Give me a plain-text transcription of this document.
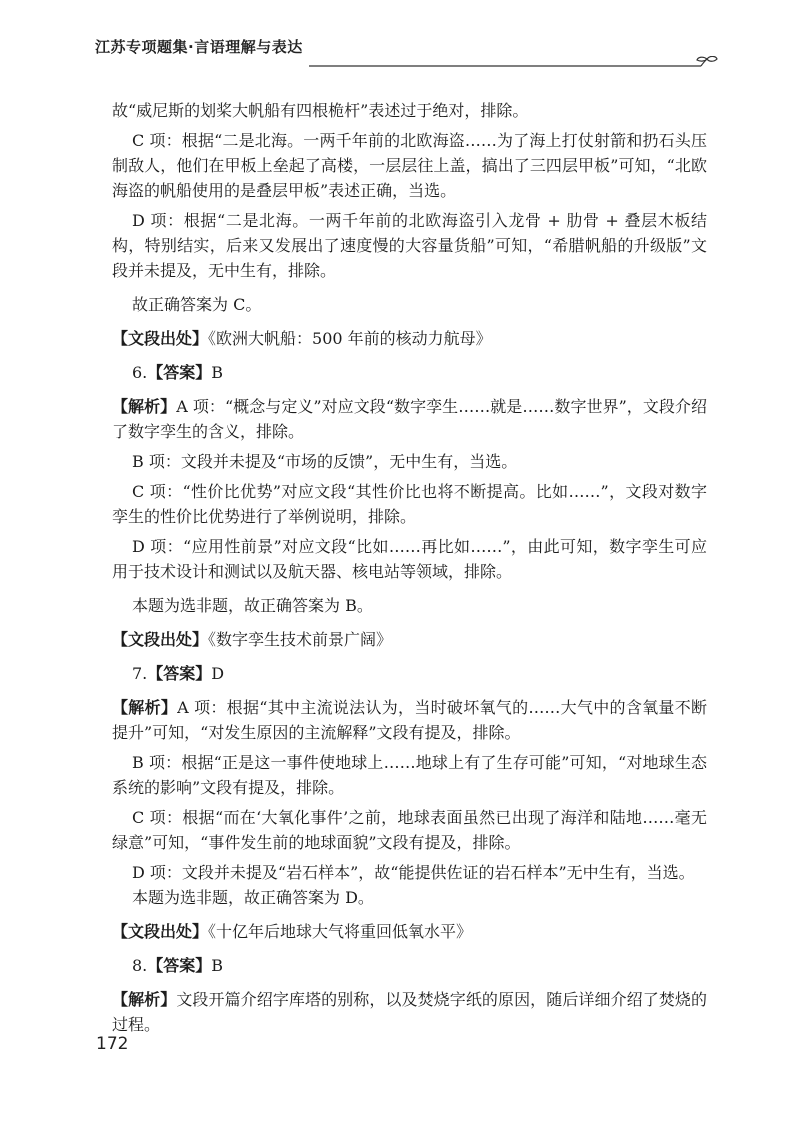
江苏专项题集·言语理解与表达

故“威尼斯的划桨大帆船有四根桅杆”表述过于绝对，排除。

C 项：根据“二是北海。一两千年前的北欧海盗……为了海上打仗射箭和扔石头压制敌人，他们在甲板上垒起了高楼，一层层往上盖，搞出了三四层甲板”可知，“北欧海盗的帆船使用的是叠层甲板”表述正确，当选。

D 项：根据“二是北海。一两千年前的北欧海盗引入龙骨 + 肋骨 + 叠层木板结构，特别结实，后来又发展出了速度慢的大容量货船”可知，“希腊帆船的升级版”文段并未提及，无中生有，排除。

故正确答案为 C。

【文段出处】《欧洲大帆船：500 年前的核动力航母》

6.【答案】B

【解析】A 项：“概念与定义”对应文段“数字孪生……就是……数字世界”，文段介绍了数字孪生的含义，排除。

B 项：文段并未提及“市场的反馈”，无中生有，当选。

C 项：“性价比优势”对应文段“其性价比也将不断提高。比如……”，文段对数字孪生的性价比优势进行了举例说明，排除。

D 项：“应用性前景”对应文段“比如……再比如……”，由此可知，数字孪生可应用于技术设计和测试以及航天器、核电站等领域，排除。

本题为选非题，故正确答案为 B。

【文段出处】《数字孪生技术前景广阔》

7.【答案】D

【解析】A 项：根据“其中主流说法认为，当时破坏氧气的……大气中的含氧量不断提升”可知，“对发生原因的主流解释”文段有提及，排除。

B 项：根据“正是这一事件使地球上……地球上有了生存可能”可知，“对地球生态系统的影响”文段有提及，排除。

C 项：根据“而在‘大氧化事件’之前，地球表面虽然已出现了海洋和陆地……毫无绿意”可知，“事件发生前的地球面貌”文段有提及，排除。

D 项：文段并未提及“岩石样本”，故“能提供佐证的岩石样本”无中生有，当选。

本题为选非题，故正确答案为 D。

【文段出处】《十亿年后地球大气将重回低氧水平》

8.【答案】B

【解析】文段开篇介绍字库塔的别称，以及焚烧字纸的原因，随后详细介绍了焚烧的过程。

172
